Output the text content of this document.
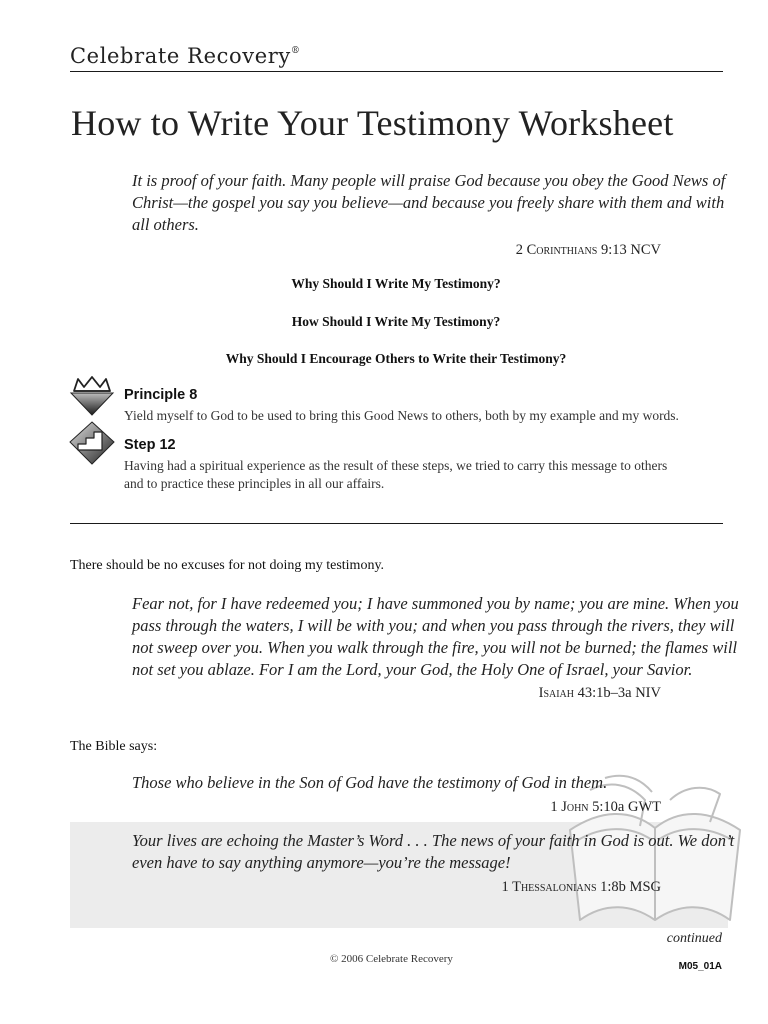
Celebrate Recovery®
How to Write Your Testimony Worksheet
It is proof of your faith. Many people will praise God because you obey the Good News of
Christ—the gospel you say you believe—and because you freely share with them and with
all others.
2 Corinthians 9:13 NCV
Why Should I Write My Testimony?
How Should I Write My Testimony?
Why Should I Encourage Others to Write their Testimony?
Principle 8
Yield myself to God to be used to bring this Good News to others, both by my example and my words.
Step 12
Having had a spiritual experience as the result of these steps, we tried to carry this message to others
and to practice these principles in all our affairs.
There should be no excuses for not doing my testimony.
Fear not, for I have redeemed you; I have summoned you by name; you are mine. When you
pass through the waters, I will be with you; and when you pass through the rivers, they will
not sweep over you. When you walk through the fire, you will not be burned; the flames will
not set you ablaze. For I am the Lord, your God, the Holy One of Israel, your Savior.
Isaiah 43:1b–3a NIV
The Bible says:
Those who believe in the Son of God have the testimony of God in them.
1 John 5:10a GWT
Your lives are echoing the Master’s Word . . . The news of your faith in God is out. We don’t
even have to say anything anymore—you’re the message!
1 Thessalonians 1:8b MSG
continued
© 2006 Celebrate Recovery
M05_01A
